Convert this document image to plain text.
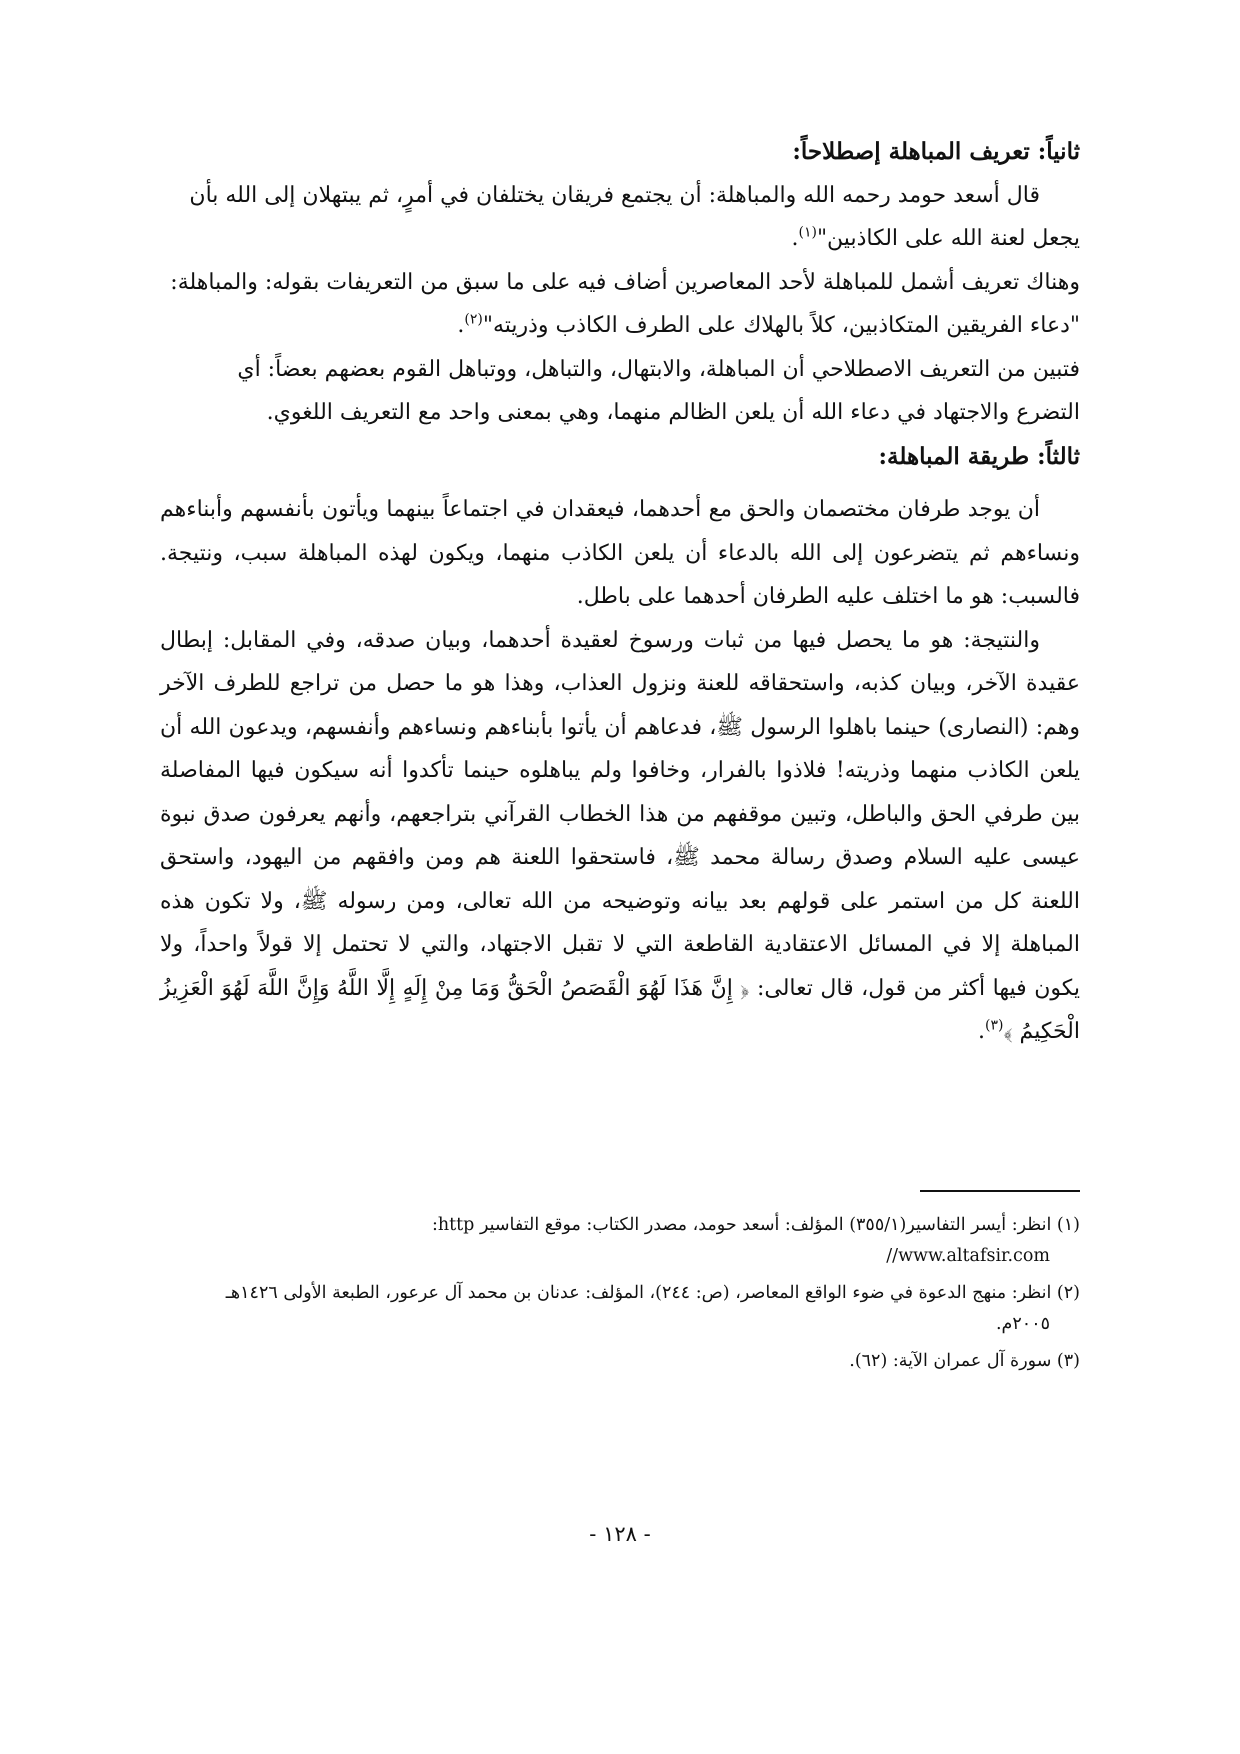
ثانياً: تعريف المباهلة إصطلاحاً:

قال أسعد حومد رحمه الله والمباهلة: أن يجتمع فريقان يختلفان في أمرٍ، ثم يبتهلان إلى الله بأن
يجعل لعنة الله على الكاذبين"$^{(١)}$.

وهناك تعريف أشمل للمباهلة لأحد المعاصرين أضاف فيه على ما سبق من التعريفات بقوله: والمباهلة:
"دعاء الفريقين المتكاذبين، كلاً بالهلاك على الطرف الكاذب وذريته"$^{(٢)}$.

فتبين من التعريف الاصطلاحي أن المباهلة، والابتهال، والتباهل، ووتباهل القوم بعضهم بعضاً: أي
التضرع والاجتهاد في دعاء الله أن يلعن الظالم منهما، وهي بمعنى واحد مع التعريف اللغوي.

ثالثاً: طريقة المباهلة:

أن يوجد طرفان مختصمان والحق مع أحدهما، فيعقدان في اجتماعاً بينهما ويأتون بأنفسهم وأبناءهم ونساءهم ثم يتضرعون إلى الله بالدعاء أن يلعن الكاذب منهما، ويكون لهذه المباهلة سبب، ونتيجة. فالسبب: هو ما اختلف عليه الطرفان أحدهما على باطل.

والنتيجة: هو ما يحصل فيها من ثبات ورسوخ لعقيدة أحدهما، وبيان صدقه، وفي المقابل: إبطال عقيدة الآخر، وبيان كذبه، واستحقاقه للعنة ونزول العذاب، وهذا هو ما حصل من تراجع للطرف الآخر وهم: (النصارى) حينما باهلوا الرسول ﷺ، فدعاهم أن يأتوا بأبناءهم ونساءهم وأنفسهم، ويدعون الله أن يلعن الكاذب منهما وذريته! فلاذوا بالفرار، وخافوا ولم يباهلوه حينما تأكدوا أنه سيكون فيها المفاصلة بين طرفي الحق والباطل، وتبين موقفهم من هذا الخطاب القرآني بتراجعهم، وأنهم يعرفون صدق نبوة عيسى عليه السلام وصدق رسالة محمد ﷺ، فاستحقوا اللعنة هم ومن وافقهم من اليهود، واستحق اللعنة كل من استمر على قولهم بعد بيانه وتوضيحه من الله تعالى، ومن رسوله ﷺ، ولا تكون هذه المباهلة إلا في المسائل الاعتقادية القاطعة التي لا تقبل الاجتهاد، والتي لا تحتمل إلا قولاً واحداً، ولا يكون فيها أكثر من قول، قال تعالى: ﴿ إِنَّ هَذَا لَهُوَ الْقَصَصُ الْحَقُّ وَمَا مِنْ إِلَهٍ إِلَّا اللَّهُ وَإِنَّ اللَّهَ لَهُوَ الْعَزِيزُ الْحَكِيمُ ﴾$^{(٣)}$.

(١) انظر: أيسر التفاسير(٣٥٥/١) المؤلف: أسعد حومد، مصدر الكتاب: موقع التفاسير http:
//www.altafsir.com

(٢) انظر: منهج الدعوة في ضوء الواقع المعاصر، (ص: ٢٤٤)، المؤلف: عدنان بن محمد آل عرعور، الطبعة الأولى ١٤٢٦هـ
٢٠٠٥م.

(٣) سورة آل عمران الآية: (٦٢).

- ١٢٨ -
